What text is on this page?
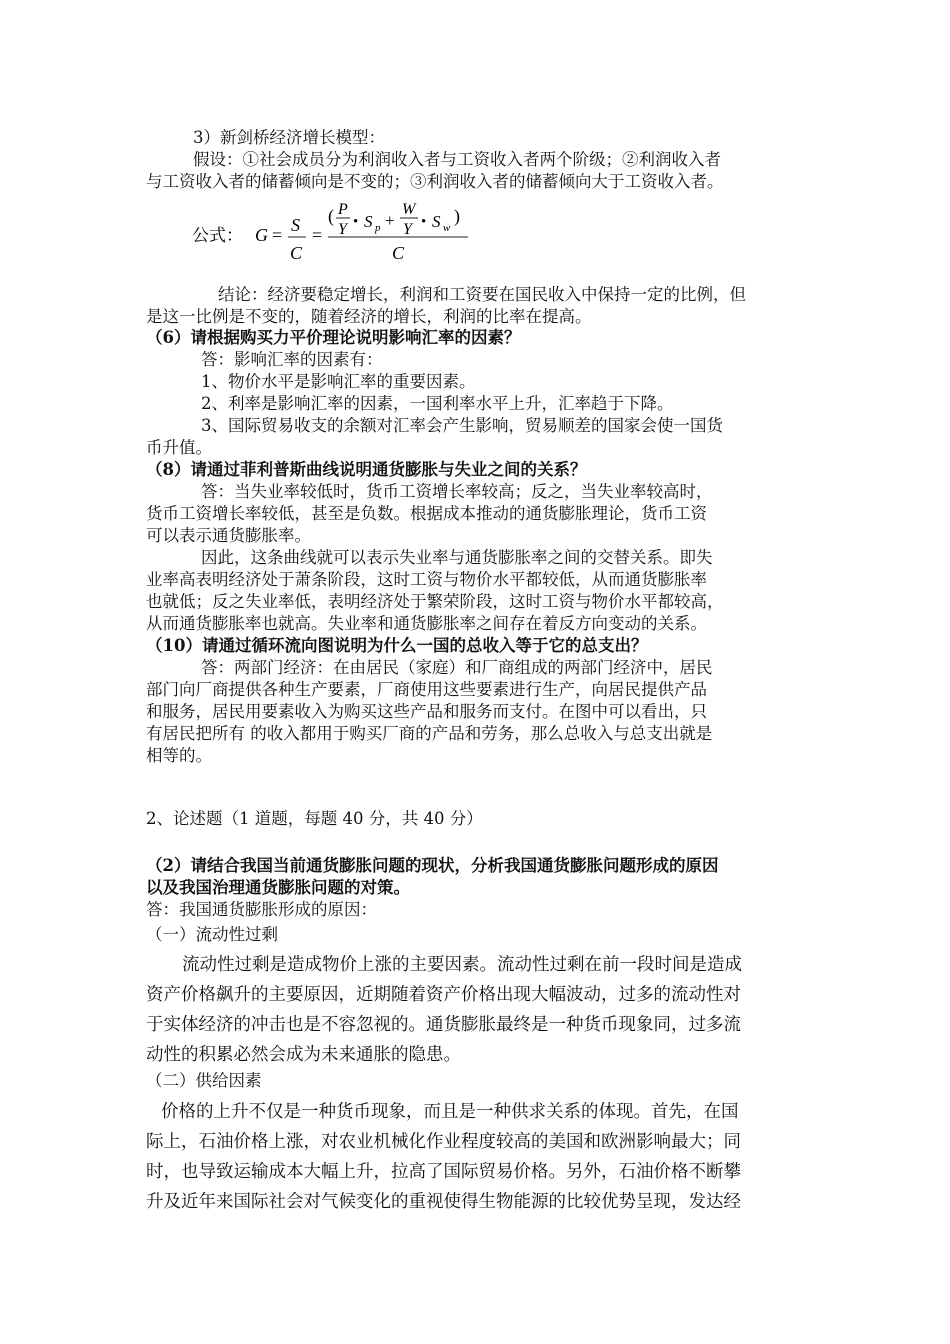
3）新剑桥经济增长模型：
假设：①社会成员分为利润收入者与工资收入者两个阶级；②利润收入者
与工资收入者的储蓄倾向是不变的；③利润收入者的储蓄倾向大于工资收入者。
公式： G = S
C
=
( P
Y • S p +
W
Y • S w
)
C
结论：经济要稳定增长，利润和工资要在国民收入中保持一定的比例，但
是这一比例是不变的，随着经济的增长，利润的比率在提高。
（6）请根据购买力平价理论说明影响汇率的因素？
答：影响汇率的因素有：
1、物价水平是影响汇率的重要因素。
2、利率是影响汇率的因素，一国利率水平上升，汇率趋于下降。
3、国际贸易收支的余额对汇率会产生影响，贸易顺差的国家会使一国货
币升值。
（8）请通过菲利普斯曲线说明通货膨胀与失业之间的关系？
答：当失业率较低时，货币工资增长率较高；反之，当失业率较高时，
货币工资增长率较低，甚至是负数。根据成本推动的通货膨胀理论，货币工资
可以表示通货膨胀率。
因此，这条曲线就可以表示失业率与通货膨胀率之间的交替关系。即失
业率高表明经济处于萧条阶段，这时工资与物价水平都较低，从而通货膨胀率
也就低；反之失业率低，表明经济处于繁荣阶段，这时工资与物价水平都较高，
从而通货膨胀率也就高。失业率和通货膨胀率之间存在着反方向变动的关系。
（10）请通过循环流向图说明为什么一国的总收入等于它的总支出？
答：两部门经济：在由居民（家庭）和厂商组成的两部门经济中，居民
部门向厂商提供各种生产要素，厂商使用这些要素进行生产，向居民提供产品
和服务，居民用要素收入为购买这些产品和服务而支付。在图中可以看出，只
有居民把所有 的收入都用于购买厂商的产品和劳务，那么总收入与总支出就是
相等的。
2、论述题（1 道题，每题 40 分，共 40 分）
（2）请结合我国当前通货膨胀问题的现状，分析我国通货膨胀问题形成的原因
以及我国治理通货膨胀问题的对策。
答：我国通货膨胀形成的原因：
（一）流动性过剩
流动性过剩是造成物价上涨的主要因素。流动性过剩在前一段时间是造成
资产价格飙升的主要原因，近期随着资产价格出现大幅波动，过多的流动性对
于实体经济的冲击也是不容忽视的。通货膨胀最终是一种货币现象同，过多流
动性的积累必然会成为未来通胀的隐患。
（二）供给因素
价格的上升不仅是一种货币现象，而且是一种供求关系的体现。首先，在国
际上，石油价格上涨，对农业机械化作业程度较高的美国和欧洲影响最大；同
时，也导致运输成本大幅上升，拉高了国际贸易价格。另外，石油价格不断攀
升及近年来国际社会对气候变化的重视使得生物能源的比较优势呈现，发达经
